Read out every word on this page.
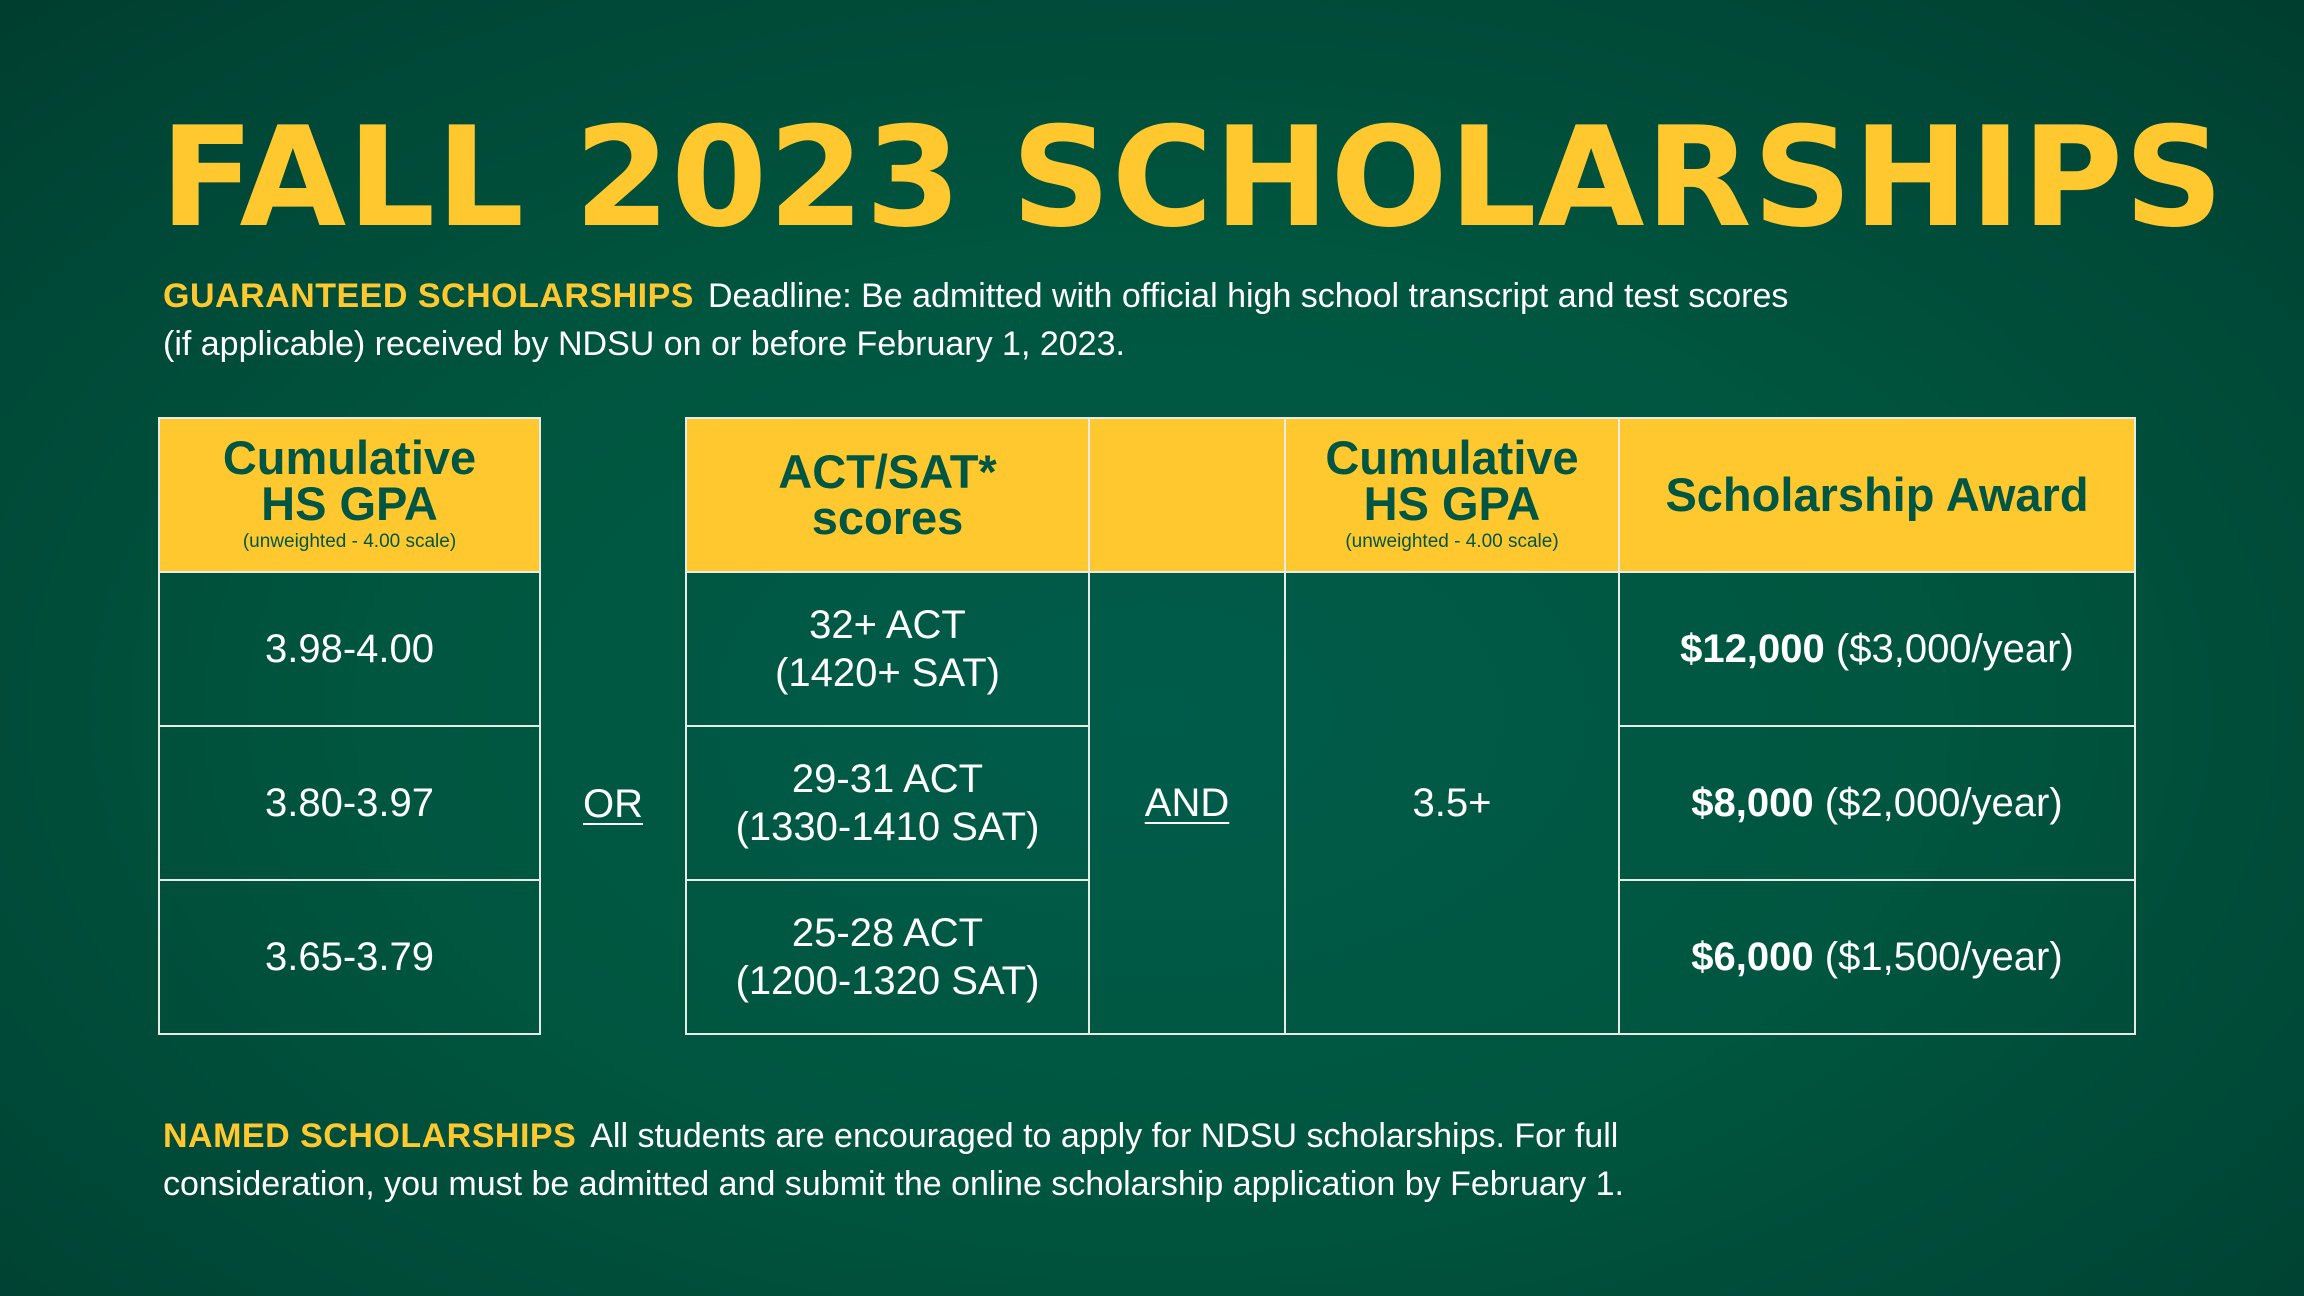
FALL 2023 SCHOLARSHIPS
GUARANTEED SCHOLARSHIPS Deadline: Be admitted with official high school transcript and test scores
(if applicable) received by NDSU on or before February 1, 2023.
Cumulative
HS GPA
(unweighted - 4.00 scale)
3.98-4.00
3.80-3.97
3.65-3.79
OR
ACT/SAT*
scores
Cumulative
HS GPA
(unweighted - 4.00 scale)
Scholarship Award
32+ ACT
(1420+ SAT)
29-31 ACT
(1330-1410 SAT)
25-28 ACT
(1200-1320 SAT)
AND	3.5+
$12,000 ($3,000/year)
$8,000 ($2,000/year)
$6,000 ($1,500/year)
NAMED SCHOLARSHIPS All students are encouraged to apply for NDSU scholarships. For full
consideration, you must be admitted and submit the online scholarship application by February 1.
